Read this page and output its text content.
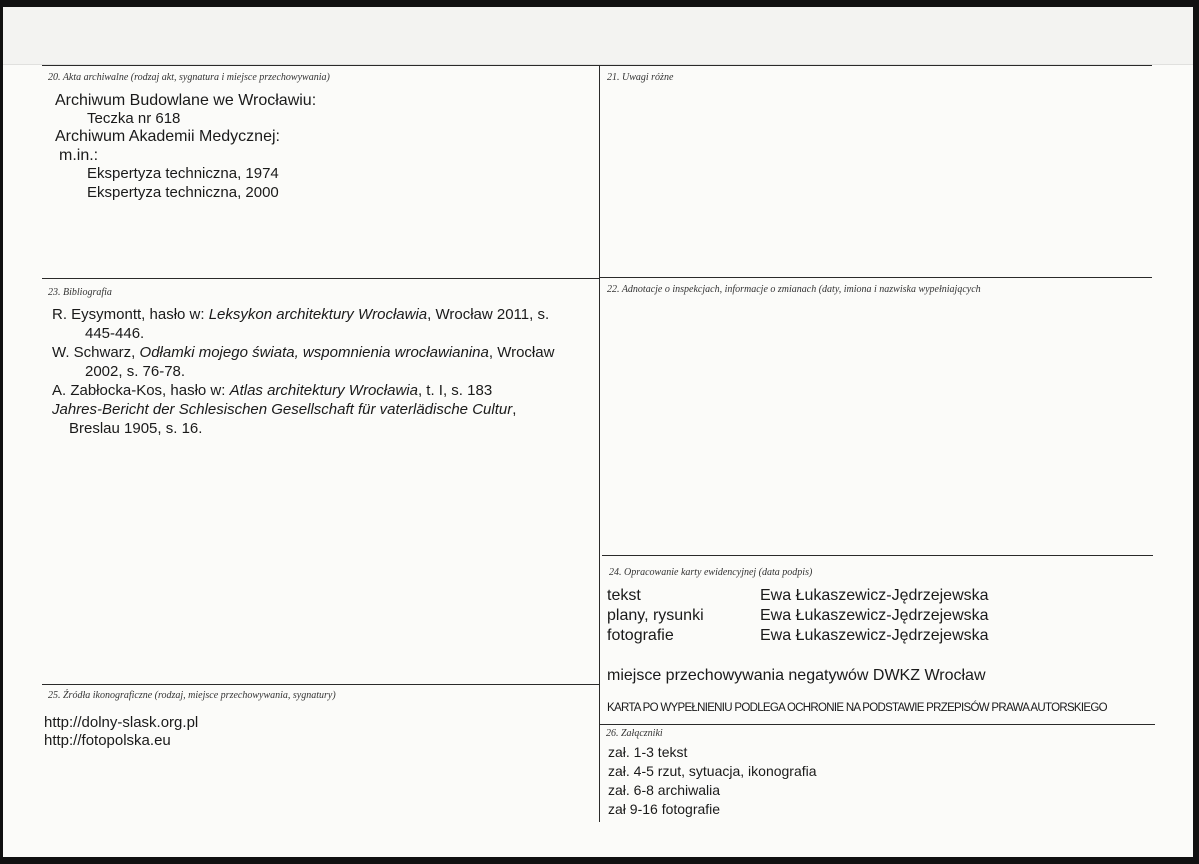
20. Akta archiwalne (rodzaj akt, sygnatura i miejsce przechowywania)
Archiwum Budowlane we Wrocławiu:
Teczka nr 618
Archiwum Akademii Medycznej:
m.in.:
Ekspertyza techniczna, 1974
Ekspertyza techniczna, 2000
21. Uwagi różne
23. Bibliografia
R. Eysymontt, hasło w: Leksykon architektury Wrocławia, Wrocław 2011, s.
445-446.
W. Schwarz, Odłamki mojego świata, wspomnienia wrocławianina, Wrocław
2002, s. 76-78.
A. Zabłocka-Kos, hasło w: Atlas architektury Wrocławia, t. I, s. 183
Jahres-Bericht der Schlesischen Gesellschaft für vaterlädische Cultur,
Breslau 1905, s. 16.
22. Adnotacje o inspekcjach, informacje o zmianach (daty, imiona i nazwiska wypełniających
24. Opracowanie karty ewidencyjnej (data podpis)
tekst	Ewa Łukaszewicz-Jędrzejewska
plany, rysunki	Ewa Łukaszewicz-Jędrzejewska
fotografie	Ewa Łukaszewicz-Jędrzejewska
miejsce przechowywania negatywów DWKZ Wrocław
KARTA PO WYPEŁNIENIU PODLEGA OCHRONIE NA PODSTAWIE PRZEPISÓW PRAWA AUTORSKIEGO
25. Źródła ikonograficzne (rodzaj, miejsce przechowywania, sygnatury)
http://dolny-slask.org.pl
http://fotopolska.eu	26. Załączniki
zał. 1-3 tekst
zał. 4-5 rzut, sytuacja, ikonografia
zał. 6-8 archiwalia
zał 9-16 fotografie
